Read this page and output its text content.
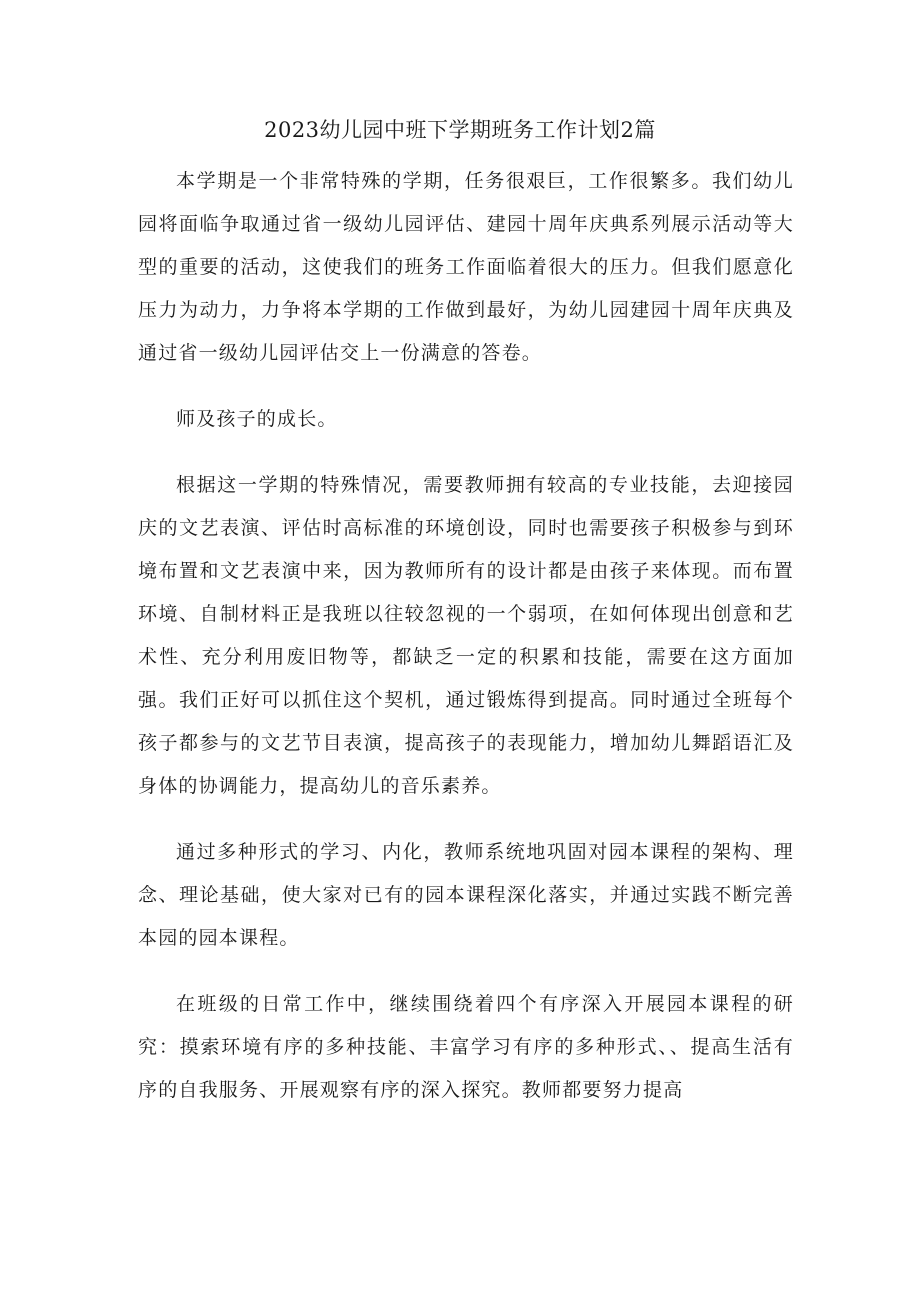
2023幼儿园中班下学期班务工作计划2篇

本学期是一个非常特殊的学期，任务很艰巨，工作很繁多。我们幼儿园将面临争取通过省一级幼儿园评估、建园十周年庆典系列展示活动等大型的重要的活动，这使我们的班务工作面临着很大的压力。但我们愿意化压力为动力，力争将本学期的工作做到最好，为幼儿园建园十周年庆典及通过省一级幼儿园评估交上一份满意的答卷。

师及孩子的成长。

根据这一学期的特殊情况，需要教师拥有较高的专业技能，去迎接园庆的文艺表演、评估时高标准的环境创设，同时也需要孩子积极参与到环境布置和文艺表演中来，因为教师所有的设计都是由孩子来体现。而布置环境、自制材料正是我班以往较忽视的一个弱项，在如何体现出创意和艺术性、充分利用废旧物等，都缺乏一定的积累和技能，需要在这方面加强。我们正好可以抓住这个契机，通过锻炼得到提高。同时通过全班每个孩子都参与的文艺节目表演，提高孩子的表现能力，增加幼儿舞蹈语汇及身体的协调能力，提高幼儿的音乐素养。

通过多种形式的学习、内化，教师系统地巩固对园本课程的架构、理念、理论基础，使大家对已有的园本课程深化落实，并通过实践不断完善本园的园本课程。

在班级的日常工作中，继续围绕着四个有序深入开展园本课程的研究：摸索环境有序的多种技能、丰富学习有序的多种形式、、提高生活有序的自我服务、开展观察有序的深入探究。教师都要努力提高
